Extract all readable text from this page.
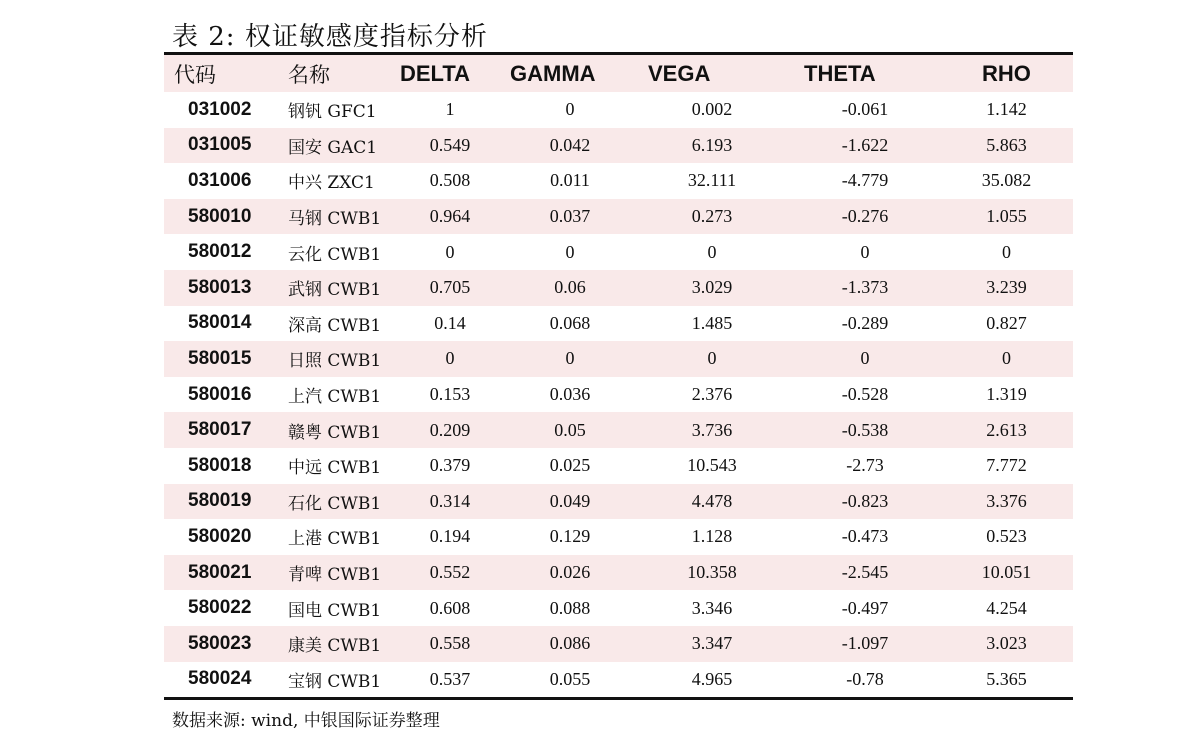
表 2: 权证敏感度指标分析
代码	名称	DELTA	GAMMA	VEGA	THETA	RHO
031002	钢钒 GFC1	1	0	0.002	-0.061	1.142
031005	国安 GAC1	0.549	0.042	6.193	-1.622	5.863
031006	中兴 ZXC1	0.508	0.011	32.111	-4.779	35.082
580010	马钢 CWB1	0.964	0.037	0.273	-0.276	1.055
580012	云化 CWB1	0	0	0	0	0
580013	武钢 CWB1	0.705	0.06	3.029	-1.373	3.239
580014	深高 CWB1	0.14	0.068	1.485	-0.289	0.827
580015	日照 CWB1	0	0	0	0	0
580016	上汽 CWB1	0.153	0.036	2.376	-0.528	1.319
580017	赣粤 CWB1	0.209	0.05	3.736	-0.538	2.613
580018	中远 CWB1	0.379	0.025	10.543	-2.73	7.772
580019	石化 CWB1	0.314	0.049	4.478	-0.823	3.376
580020	上港 CWB1	0.194	0.129	1.128	-0.473	0.523
580021	青啤 CWB1	0.552	0.026	10.358	-2.545	10.051
580022	国电 CWB1	0.608	0.088	3.346	-0.497	4.254
580023	康美 CWB1	0.558	0.086	3.347	-1.097	3.023
580024	宝钢 CWB1	0.537	0.055	4.965	-0.78	5.365
数据来源: wind, 中银国际证券整理
